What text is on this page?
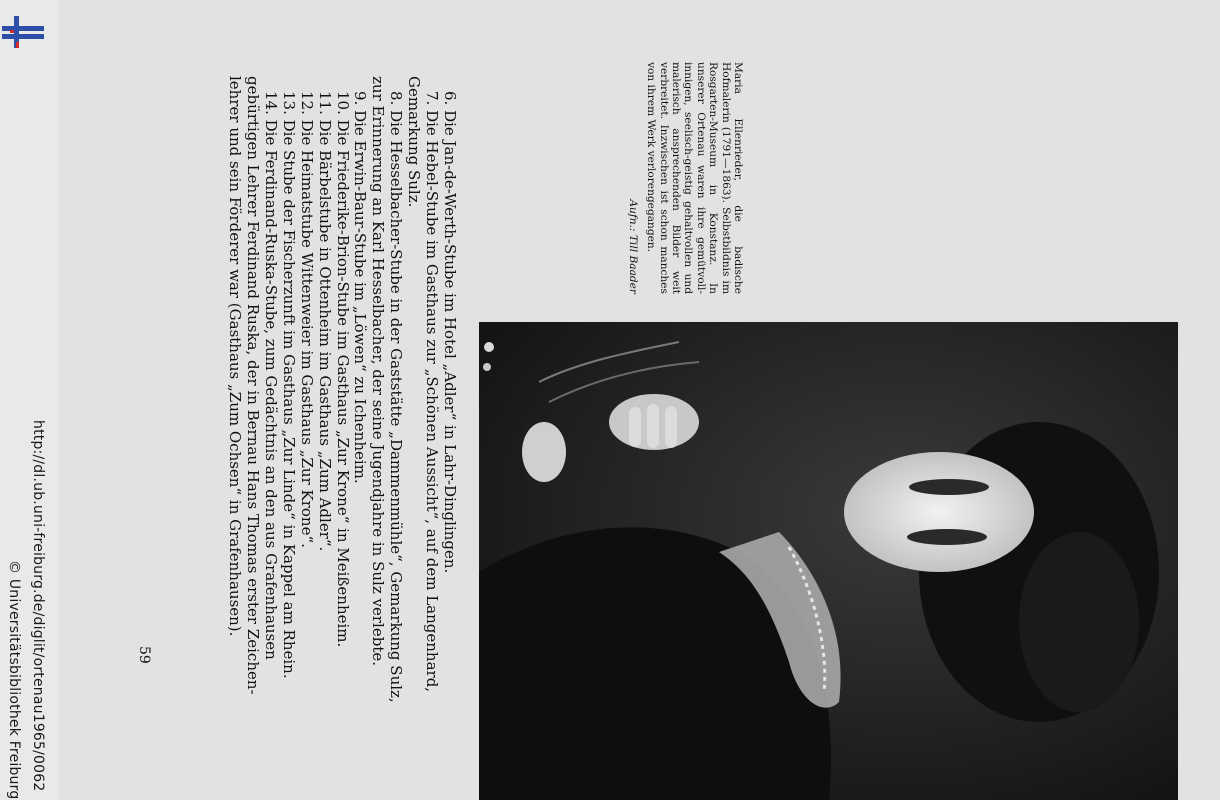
http://dl.ub.uni-freiburg.de/diglit/ortenau1965/0062
© Universitätsbibliothek Freiburg	59
6. Die Jan-de-Werth-Stube im Hotel „Adler“ in Lahr-Dinglingen.
7. Die Hebel-Stube im Gasthaus zur „Schönen Aussicht“, auf dem Langenhard,
Gemarkung Sulz.
8. Die Hesselbacher-Stube in der Gaststätte „Dammenmühle“, Gemarkung Sulz,
zur Erinnerung an Karl Hesselbacher, der seine Jugendjahre in Sulz verlebte.
9. Die Erwin-Baur-Stube im „Löwen“ zu Ichenheim.
10. Die Friederike-Brion-Stube im Gasthaus „Zur Krone“ in Meißenheim.
11. Die Bärbelstube in Ottenheim im Gasthaus „Zum Adler“.
12. Die Heimatstube Wittenweier im Gasthaus „Zur Krone“.
13. Die Stube der Fischerzunft im Gasthaus „Zur Linde“ in Kappel am Rhein.
14. Die Ferdinand-Ruska-Stube, zum Gedächtnis an den aus Grafenhausen
gebürtigen Lehrer Ferdinand Ruska, der in Bernau Hans Thomas erster Zeichen-
lehrer und sein Förderer war (Gasthaus „Zum Ochsen“ in Grafenhausen).	Maria Ellenrieder, die badische Hofmalerin (1791—1863). Selbstbildnis im Rosgarten-Museum in Konstanz. In unserer Ortenau waren ihre gemütvoll-innigen, seelisch-geistig gehaltvollen und malerisch ansprechenden Bilder weit verbreitet. Inzwischen ist schon manches von ihrem Werk verlorengegangen.
Aufn.: Till Baader
